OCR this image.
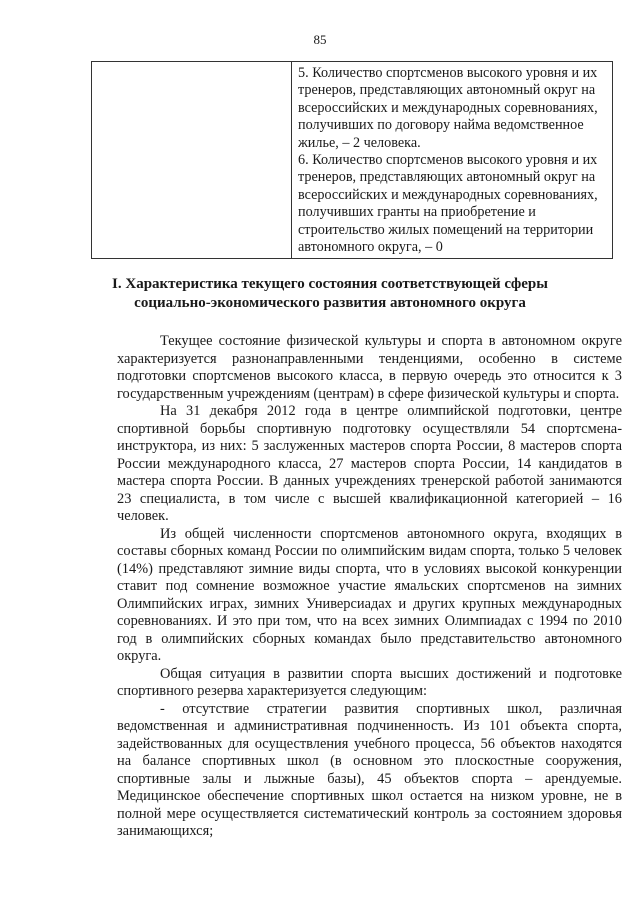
85

5. Количество спортсменов высокого уровня и их тренеров, представляющих автономный округ на всероссийских и международных соревнованиях, получивших по договору найма ведомственное жилье, – 2 человека.

6. Количество спортсменов высокого уровня и их тренеров, представляющих автономный округ на всероссийских и международных соревнованиях, получивших гранты на приобретение и строительство жилых помещений на территории автономного округа, – 0

I. Характеристика текущего состояния соответствующей сферы
социально-экономического развития автономного округа

Текущее состояние физической культуры и спорта в автономном округе характеризуется разнонаправленными тенденциями, особенно в системе подготовки спортсменов высокого класса, в первую очередь это относится к 3 государственным учреждениям (центрам) в сфере физической культуры и спорта.

На 31 декабря 2012 года в центре олимпийской подготовки, центре спортивной борьбы спортивную подготовку осуществляли 54 спортсмена-инструктора, из них: 5 заслуженных мастеров спорта России, 8 мастеров спорта России международного класса, 27 мастеров спорта России, 14 кандидатов в мастера спорта России. В данных учреждениях тренерской работой занимаются 23 специалиста, в том числе с высшей квалификационной категорией – 16 человек.

Из общей численности спортсменов автономного округа, входящих в составы сборных команд России по олимпийским видам спорта, только 5 человек (14%) представляют зимние виды спорта, что в условиях высокой конкуренции ставит под сомнение возможное участие ямальских спортсменов на зимних Олимпийских играх, зимних Универсиадах и других крупных международных соревнованиях. И это при том, что на всех зимних Олимпиадах с 1994 по 2010 год в олимпийских сборных командах было представительство автономного округа.

Общая ситуация в развитии спорта высших достижений и подготовке спортивного резерва характеризуется следующим:

- отсутствие стратегии развития спортивных школ, различная ведомственная и административная подчиненность. Из 101 объекта спорта, задействованных для осуществления учебного процесса, 56 объектов находятся на балансе спортивных школ (в основном это плоскостные сооружения, спортивные залы и лыжные базы), 45 объектов спорта – арендуемые. Медицинское обеспечение спортивных школ остается на низком уровне, не в полной мере осуществляется систематический контроль за состоянием здоровья занимающихся;
